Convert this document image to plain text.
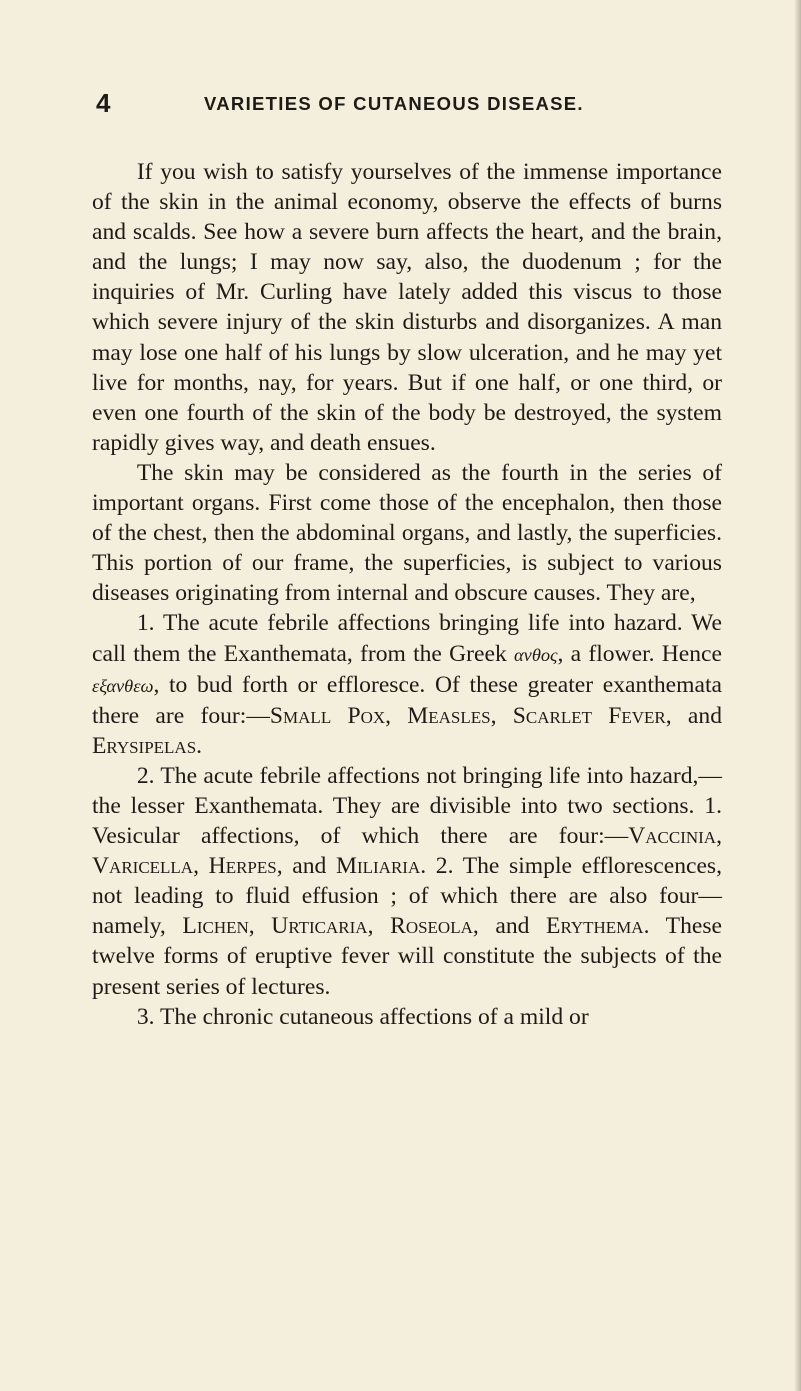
4	VARIETIES OF CUTANEOUS DISEASE.

If you wish to satisfy yourselves of the immense importance of the skin in the animal economy, observe the effects of burns and scalds. See how a severe burn affects the heart, and the brain, and the lungs; I may now say, also, the duodenum ; for the inquiries of Mr. Curling have lately added this viscus to those which severe injury of the skin disturbs and disorganizes. A man may lose one half of his lungs by slow ulceration, and he may yet live for months, nay, for years. But if one half, or one third, or even one fourth of the skin of the body be destroyed, the system rapidly gives way, and death ensues.

The skin may be considered as the fourth in the series of important organs. First come those of the encephalon, then those of the chest, then the abdominal organs, and lastly, the superficies. This portion of our frame, the superficies, is subject to various diseases originating from internal and obscure causes. They are,

1. The acute febrile affections bringing life into hazard. We call them the Exanthemata, from the Greek ανθος, a flower. Hence εξανθεω, to bud forth or effloresce. Of these greater exanthemata there are four:—Small Pox, Measles, Scarlet Fever, and Erysipelas.

2. The acute febrile affections not bringing life into hazard,—the lesser Exanthemata. They are divisible into two sections. 1. Vesicular affections, of which there are four:—Vaccinia, Varicella, Herpes, and Miliaria. 2. The simple efflorescences, not leading to fluid effusion ; of which there are also four—namely, Lichen, Urticaria, Roseola, and Erythema. These twelve forms of eruptive fever will constitute the subjects of the present series of lectures.

3. The chronic cutaneous affections of a mild or
